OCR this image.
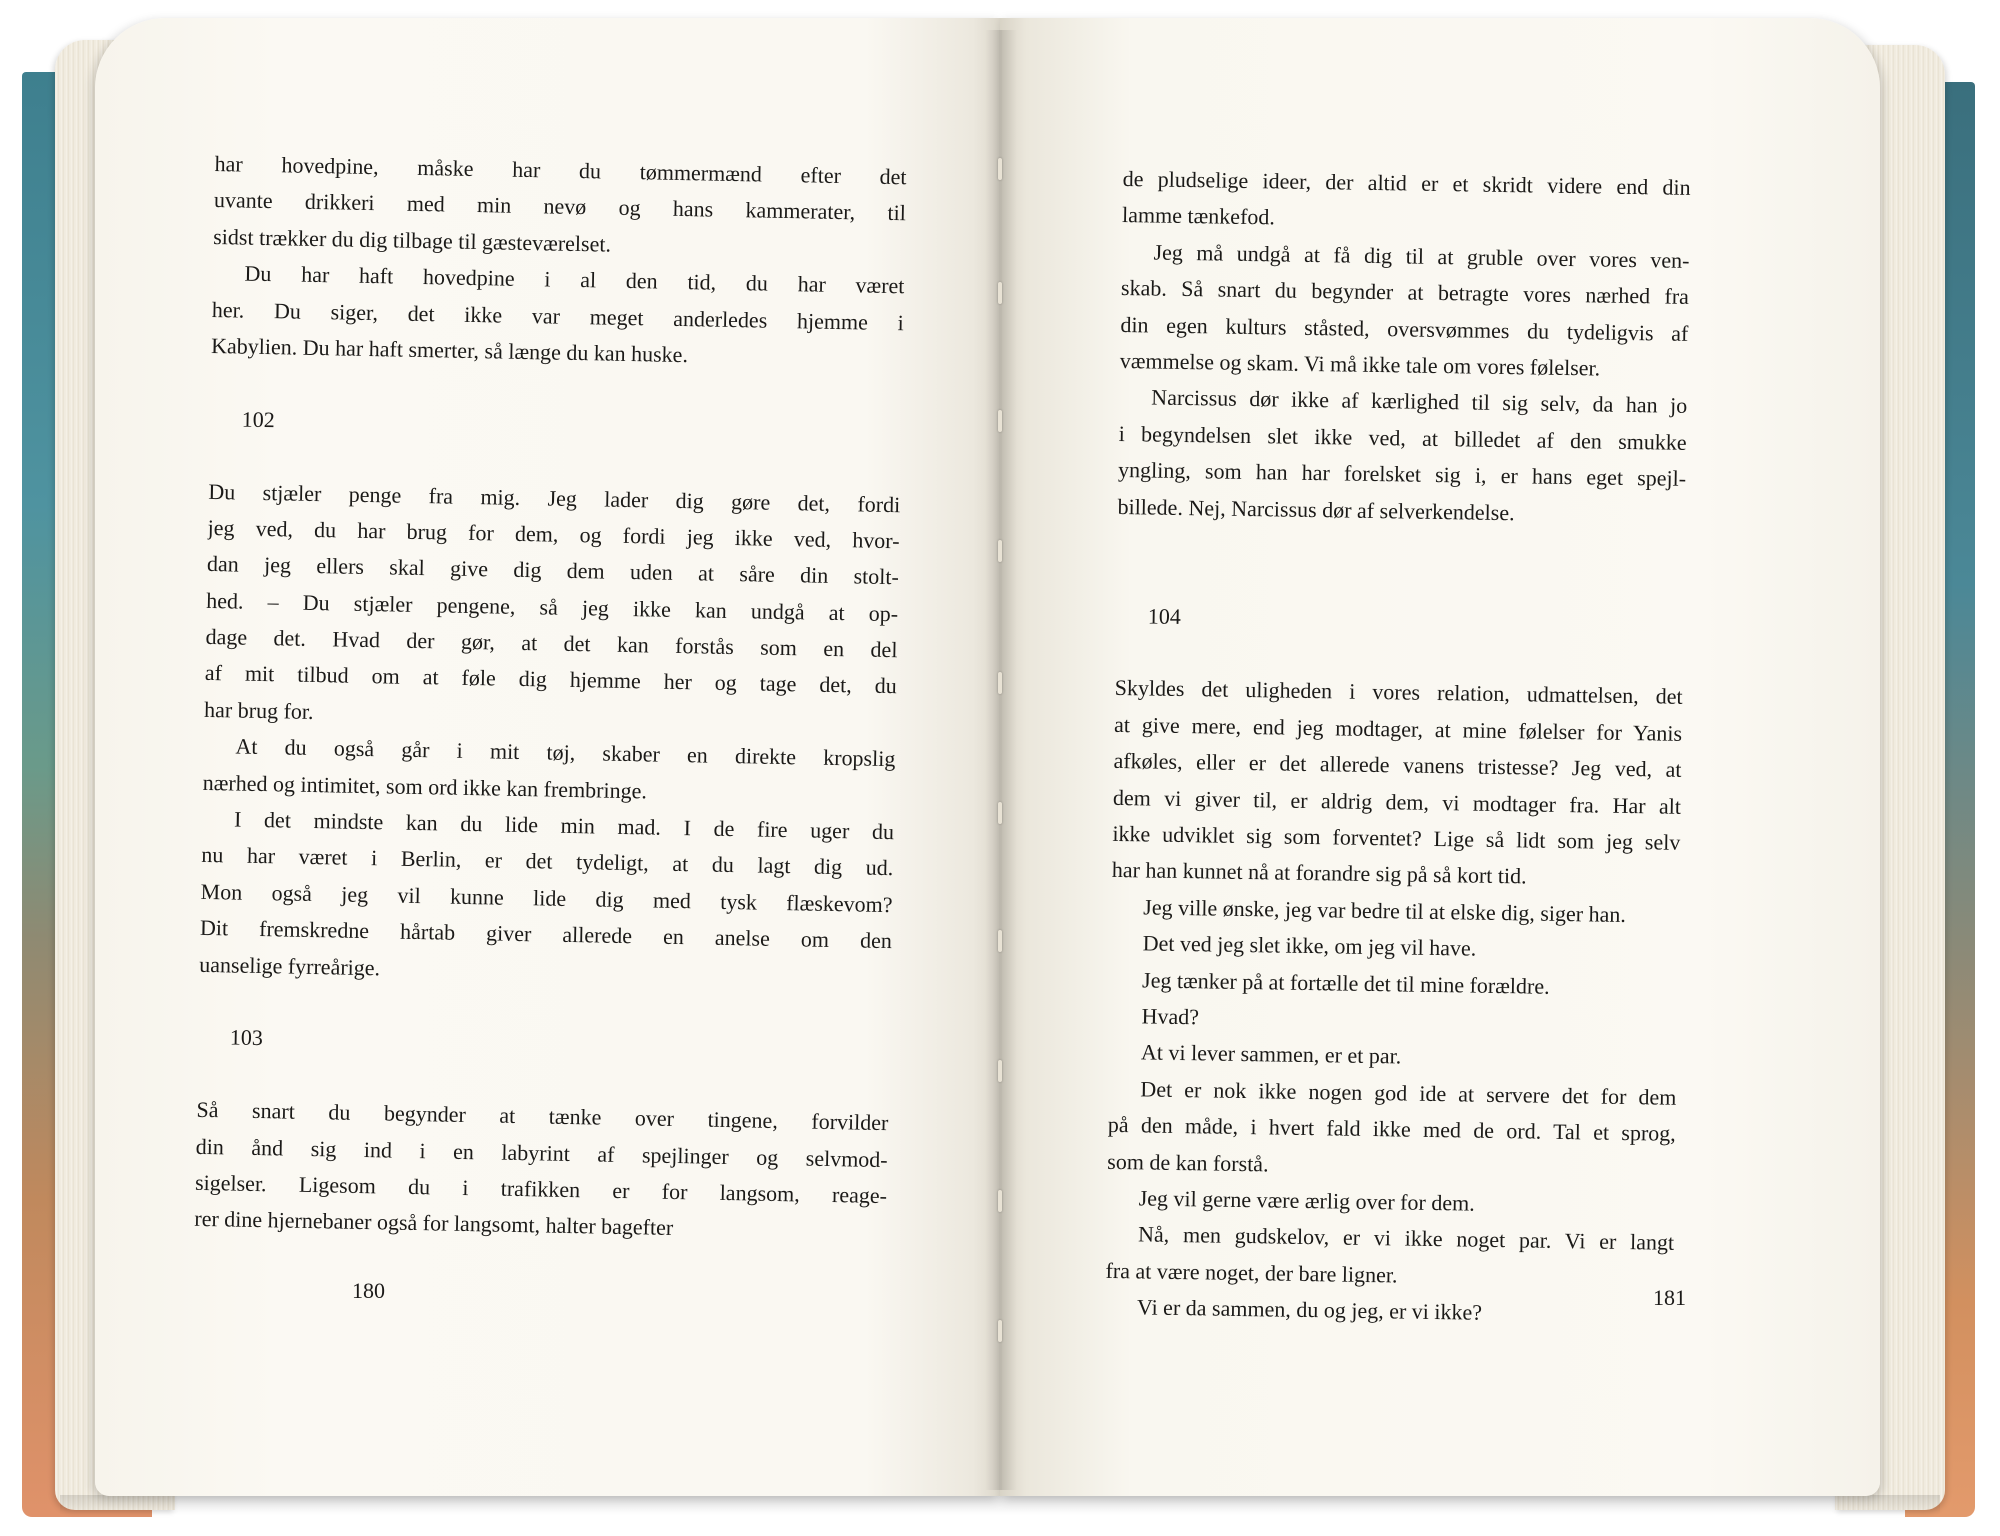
har hovedpine, måske har du tømmermænd efter det
uvante drikkeri med min nevø og hans kammerater, til
sidst trækker du dig tilbage til gæsteværelset.
Du har haft hovedpine i al den tid, du har været
her. Du siger, det ikke var meget anderledes hjemme i
Kabylien. Du har haft smerter, så længe du kan huske.
102
Du stjæler penge fra mig. Jeg lader dig gøre det, fordi
jeg ved, du har brug for dem, og fordi jeg ikke ved, hvor-
dan jeg ellers skal give dig dem uden at såre din stolt-
hed. – Du stjæler pengene, så jeg ikke kan undgå at op-
dage det. Hvad der gør, at det kan forstås som en del
af mit tilbud om at føle dig hjemme her og tage det, du
har brug for.
At du også går i mit tøj, skaber en direkte kropslig
nærhed og intimitet, som ord ikke kan frembringe.
I det mindste kan du lide min mad. I de fire uger du
nu har været i Berlin, er det tydeligt, at du lagt dig ud.
Mon også jeg vil kunne lide dig med tysk flæskevom?
Dit fremskredne hårtab giver allerede en anelse om den
uanselige fyrreårige.
103
Så snart du begynder at tænke over tingene, forvilder
din ånd sig ind i en labyrint af spejlinger og selvmod-
sigelser. Ligesom du i trafikken er for langsom, reage-
rer dine hjernebaner også for langsomt, halter bagefter
de pludselige ideer, der altid er et skridt videre end din
lamme tænkefod.
Jeg må undgå at få dig til at gruble over vores ven-
skab. Så snart du begynder at betragte vores nærhed fra
din egen kulturs ståsted, oversvømmes du tydeligvis af
væmmelse og skam. Vi må ikke tale om vores følelser.
Narcissus dør ikke af kærlighed til sig selv, da han jo
i begyndelsen slet ikke ved, at billedet af den smukke
yngling, som han har forelsket sig i, er hans eget spejl-
billede. Nej, Narcissus dør af selverkendelse.
104
Skyldes det uligheden i vores relation, udmattelsen, det
at give mere, end jeg modtager, at mine følelser for Yanis
afkøles, eller er det allerede vanens tristesse? Jeg ved, at
dem vi giver til, er aldrig dem, vi modtager fra. Har alt
ikke udviklet sig som forventet? Lige så lidt som jeg selv
har han kunnet nå at forandre sig på så kort tid.
Jeg ville ønske, jeg var bedre til at elske dig, siger han.
Det ved jeg slet ikke, om jeg vil have.
Jeg tænker på at fortælle det til mine forældre.
Hvad?
At vi lever sammen, er et par.
Det er nok ikke nogen god ide at servere det for dem
på den måde, i hvert fald ikke med de ord. Tal et sprog,
som de kan forstå.
Jeg vil gerne være ærlig over for dem.
Nå, men gudskelov, er vi ikke noget par. Vi er langt
fra at være noget, der bare ligner.
Vi er da sammen, du og jeg, er vi ikke?
180	181
